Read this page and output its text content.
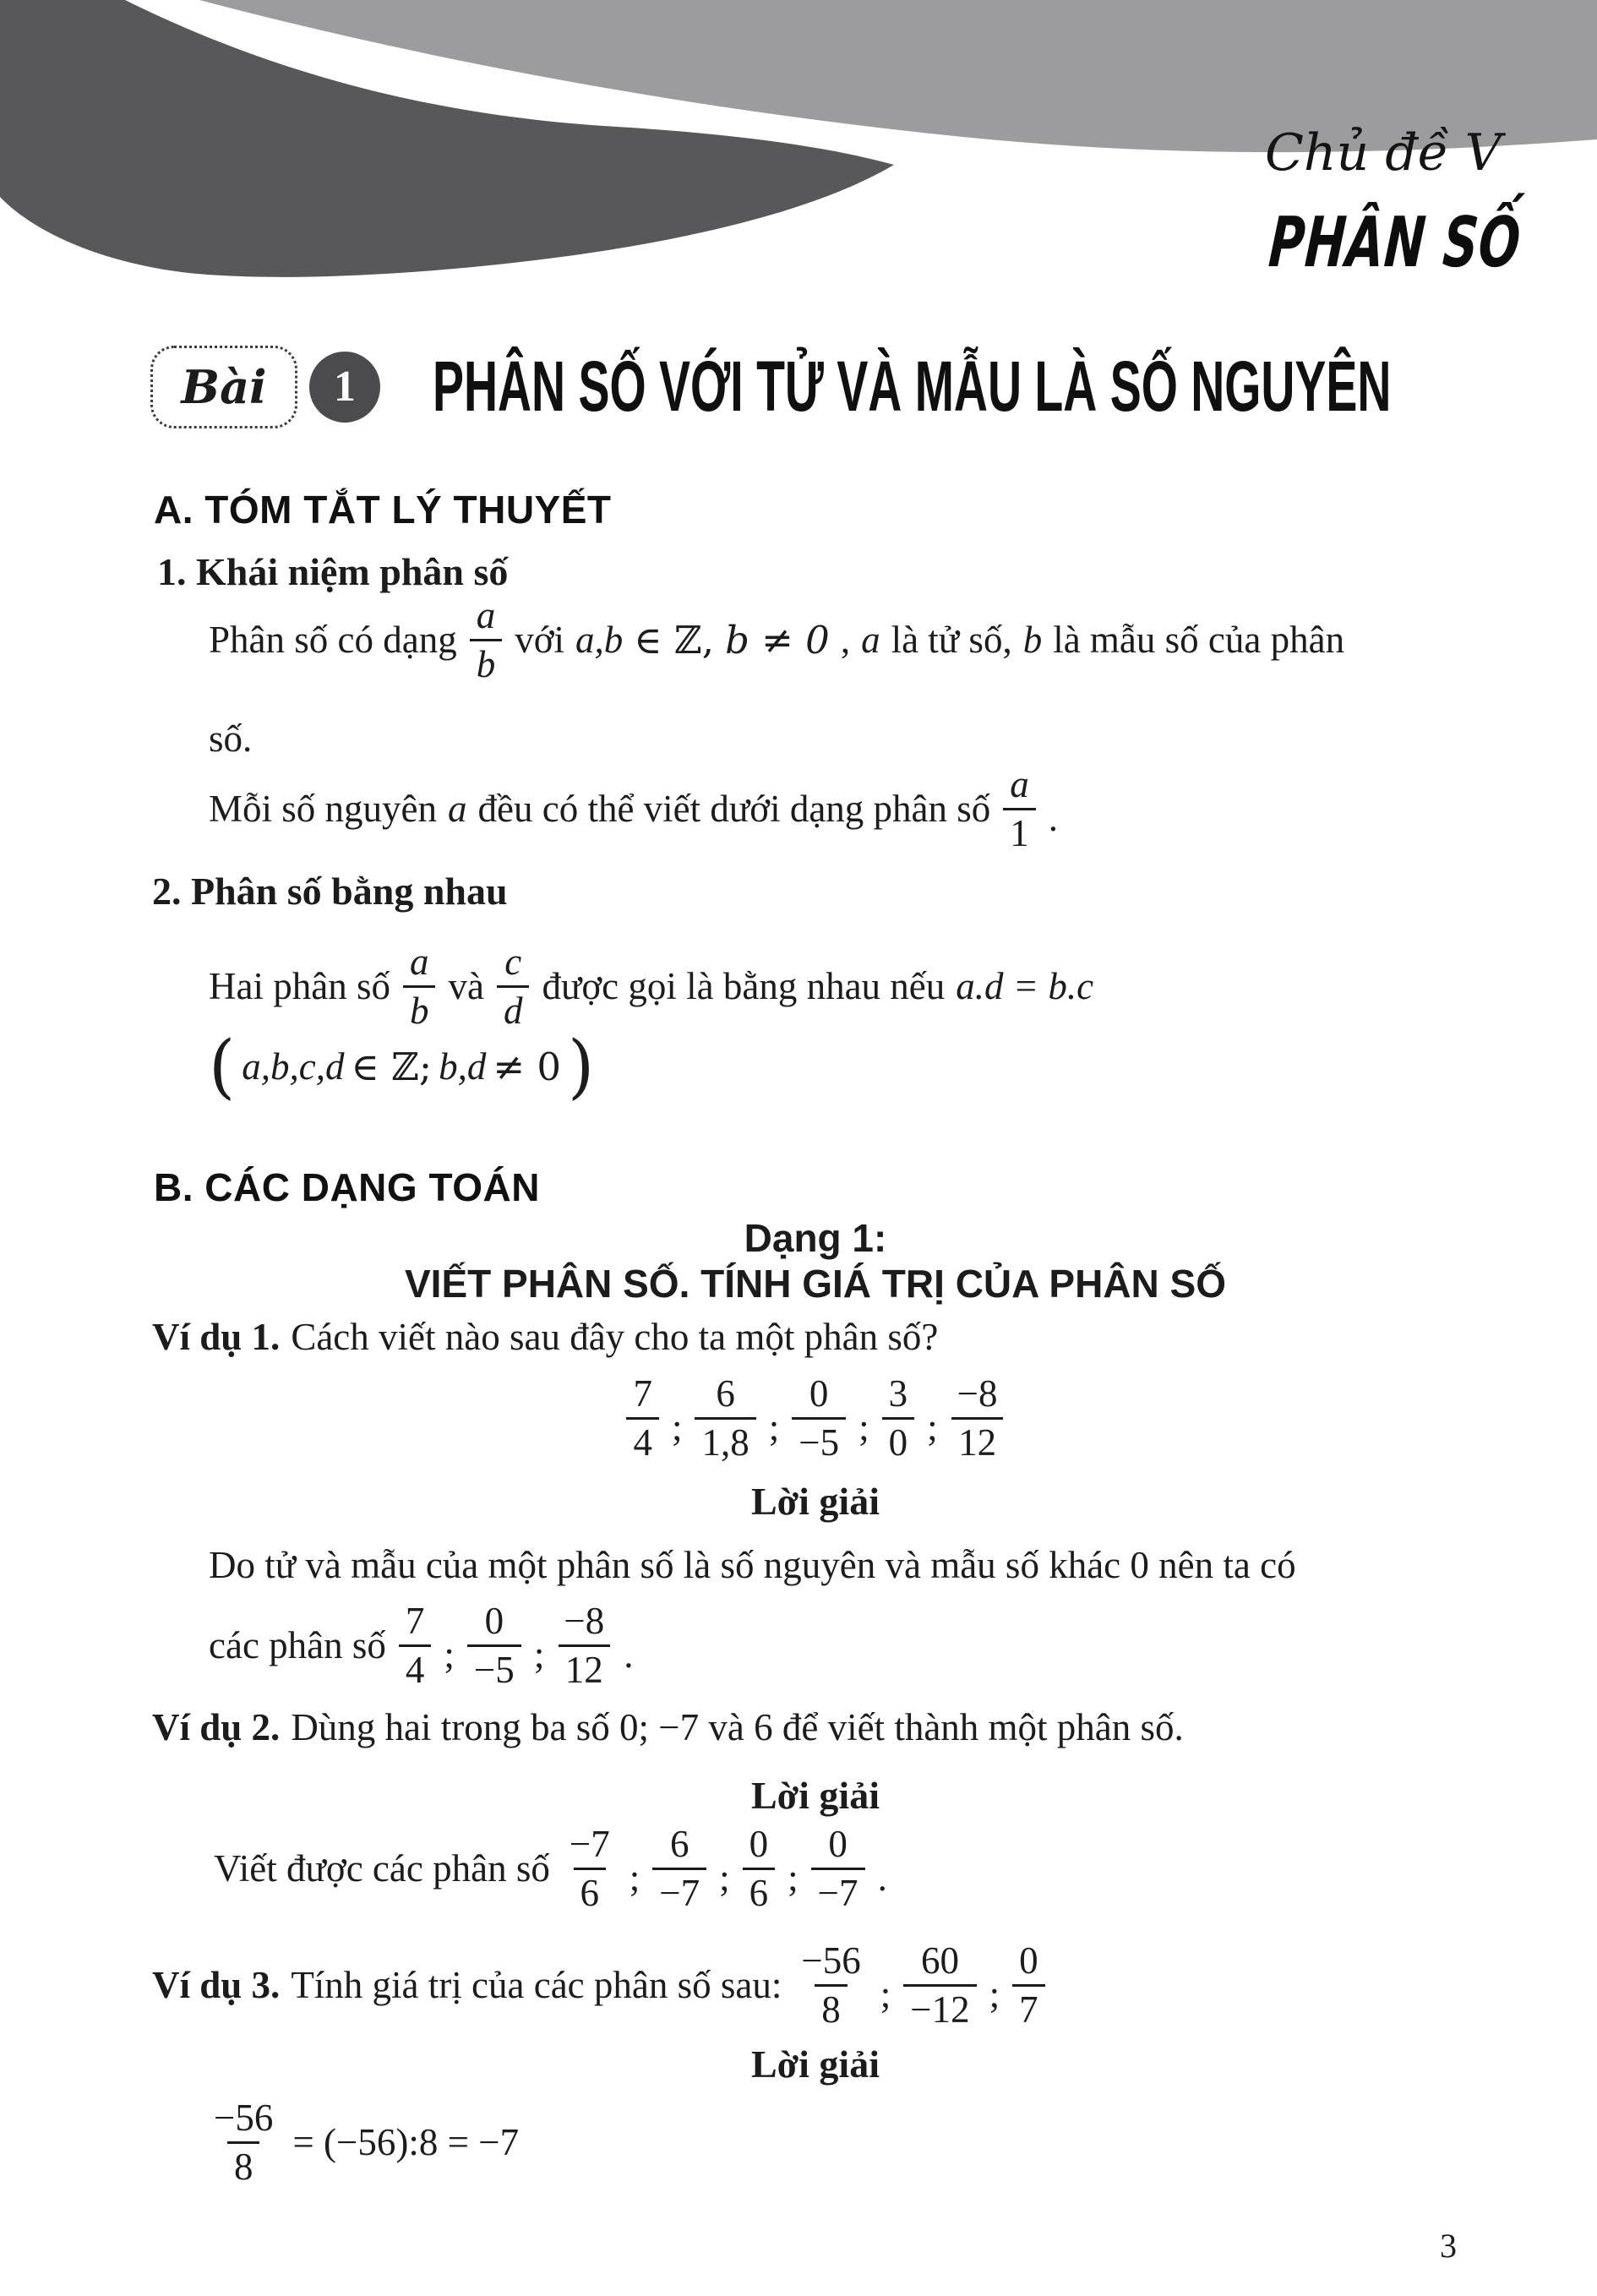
Chủ đề V
PHÂN SỐ
Bài 1 PHÂN SỐ VỚI TỬ VÀ MẪU LÀ SỐ NGUYÊN
A. TÓM TẮT LÝ THUYẾT
1. Khái niệm phân số
Phân số có dạng $\frac{a}{b}$ với a,b ∈ ℤ, b ≠ 0 , a là tử số, b là mẫu số của phân
số.
Mỗi số nguyên a đều có thể viết dưới dạng phân số $\frac{a}{1}$ .
2. Phân số bằng nhau
Hai phân số $\frac{a}{b}$ và $\frac{c}{d}$ được gọi là bằng nhau nếu a.d = b.c
( a,b,c,d ∈ ℤ; b,d ≠ 0 )
B. CÁC DẠNG TOÁN
Dạng 1:
VIẾT PHÂN SỐ. TÍNH GIÁ TRỊ CỦA PHÂN SỐ
Ví dụ 1. Cách viết nào sau đây cho ta một phân số?
$\frac{7}{4}$ ; $\frac{6}{1,8}$ ; $\frac{0}{-5}$ ; $\frac{3}{0}$ ; $\frac{-8}{12}$
Lời giải
Do tử và mẫu của một phân số là số nguyên và mẫu số khác 0 nên ta có
các phân số $\frac{7}{4}$ ; $\frac{0}{-5}$ ; $\frac{-8}{12}$ .
Ví dụ 2. Dùng hai trong ba số 0; −7 và 6 để viết thành một phân số.
Lời giải
Viết được các phân số $\frac{-7}{6}$ ; $\frac{6}{-7}$ ; $\frac{0}{6}$ ; $\frac{0}{-7}$ .
Ví dụ 3. Tính giá trị của các phân số sau: $\frac{-56}{8}$ ; $\frac{60}{-12}$ ; $\frac{0}{7}$
Lời giải
$\frac{-56}{8}$ = (−56):8 = −7
3
